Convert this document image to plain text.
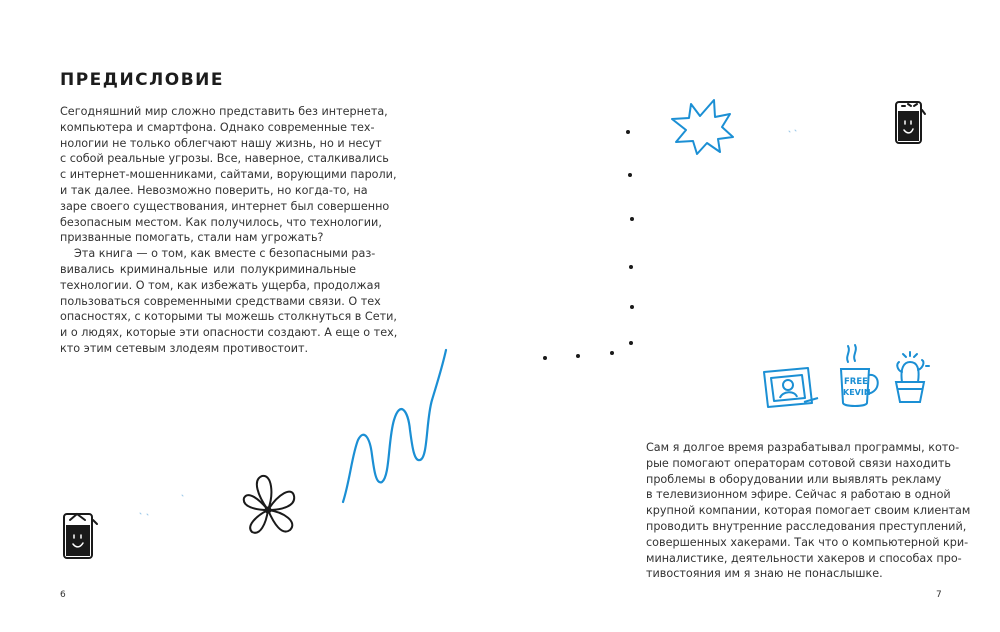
ПРЕДИСЛОВИЕ
Сегодняшний мир сложно представить без интернета,
компьютера и смартфона. Однако современные тех-
нологии не только облегчают нашу жизнь, но и несут
с собой реальные угрозы. Все, наверное, сталкивались
с интернет-мошенниками, сайтами, ворующими пароли,
и так далее. Невозможно поверить, но когда-то, на
заре своего существования, интернет был совершенно
безопасным местом. Как получилось, что технологии,
призванные помогать, стали нам угрожать?
Эта книга — о том, как вместе с безопасными раз-
вивались криминальные или полукриминальные
технологии. О том, как избежать ущерба, продолжая
пользоваться современными средствами связи. О тех
опасностях, с которыми ты можешь столкнуться в Сети,
и о людях, которые эти опасности создают. А еще о тех,
кто этим сетевым злодеям противостоит.
Сам я долгое время разрабатывал программы, кото-
рые помогают операторам сотовой связи находить
проблемы в оборудовании или выявлять рекламу
в телевизионном эфире. Сейчас я работаю в одной
крупной компании, которая помогает своим клиентам
проводить внутренние расследования преступлений,
совершенных хакерами. Так что о компьютерной кри-
миналистике, деятельности хакеров и способах про-
тивостояния им я знаю не понаслышке.
6	7
FREE
KEVIN
